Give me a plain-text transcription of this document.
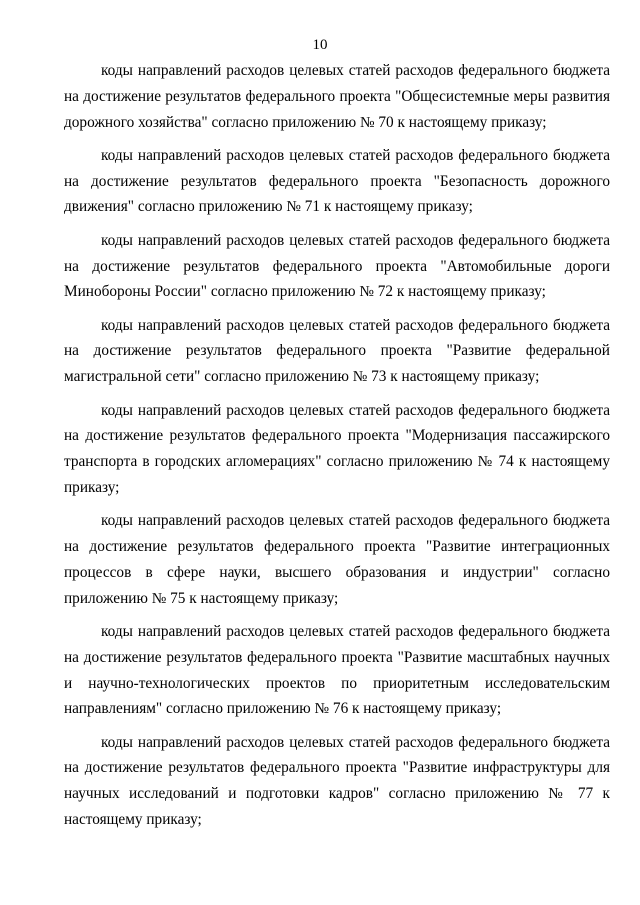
10

коды направлений расходов целевых статей расходов федерального бюджета на достижение результатов федерального проекта "Общесистемные меры развития дорожного хозяйства" согласно приложению № 70 к настоящему приказу;

коды направлений расходов целевых статей расходов федерального бюджета на достижение результатов федерального проекта "Безопасность дорожного движения" согласно приложению № 71 к настоящему приказу;

коды направлений расходов целевых статей расходов федерального бюджета на достижение результатов федерального проекта "Автомобильные дороги Минобороны России" согласно приложению № 72 к настоящему приказу;

коды направлений расходов целевых статей расходов федерального бюджета на достижение результатов федерального проекта "Развитие федеральной магистральной сети" согласно приложению № 73 к настоящему приказу;

коды направлений расходов целевых статей расходов федерального бюджета на достижение результатов федерального проекта "Модернизация пассажирского транспорта в городских агломерациях" согласно приложению № 74 к настоящему приказу;

коды направлений расходов целевых статей расходов федерального бюджета на достижение результатов федерального проекта "Развитие интеграционных процессов в сфере науки, высшего образования и индустрии" согласно приложению № 75 к настоящему приказу;

коды направлений расходов целевых статей расходов федерального бюджета на достижение результатов федерального проекта "Развитие масштабных научных и научно-технологических проектов по приоритетным исследовательским направлениям" согласно приложению № 76 к настоящему приказу;

коды направлений расходов целевых статей расходов федерального бюджета на достижение результатов федерального проекта "Развитие инфраструктуры для научных исследований и подготовки кадров" согласно приложению № 77 к настоящему приказу;
